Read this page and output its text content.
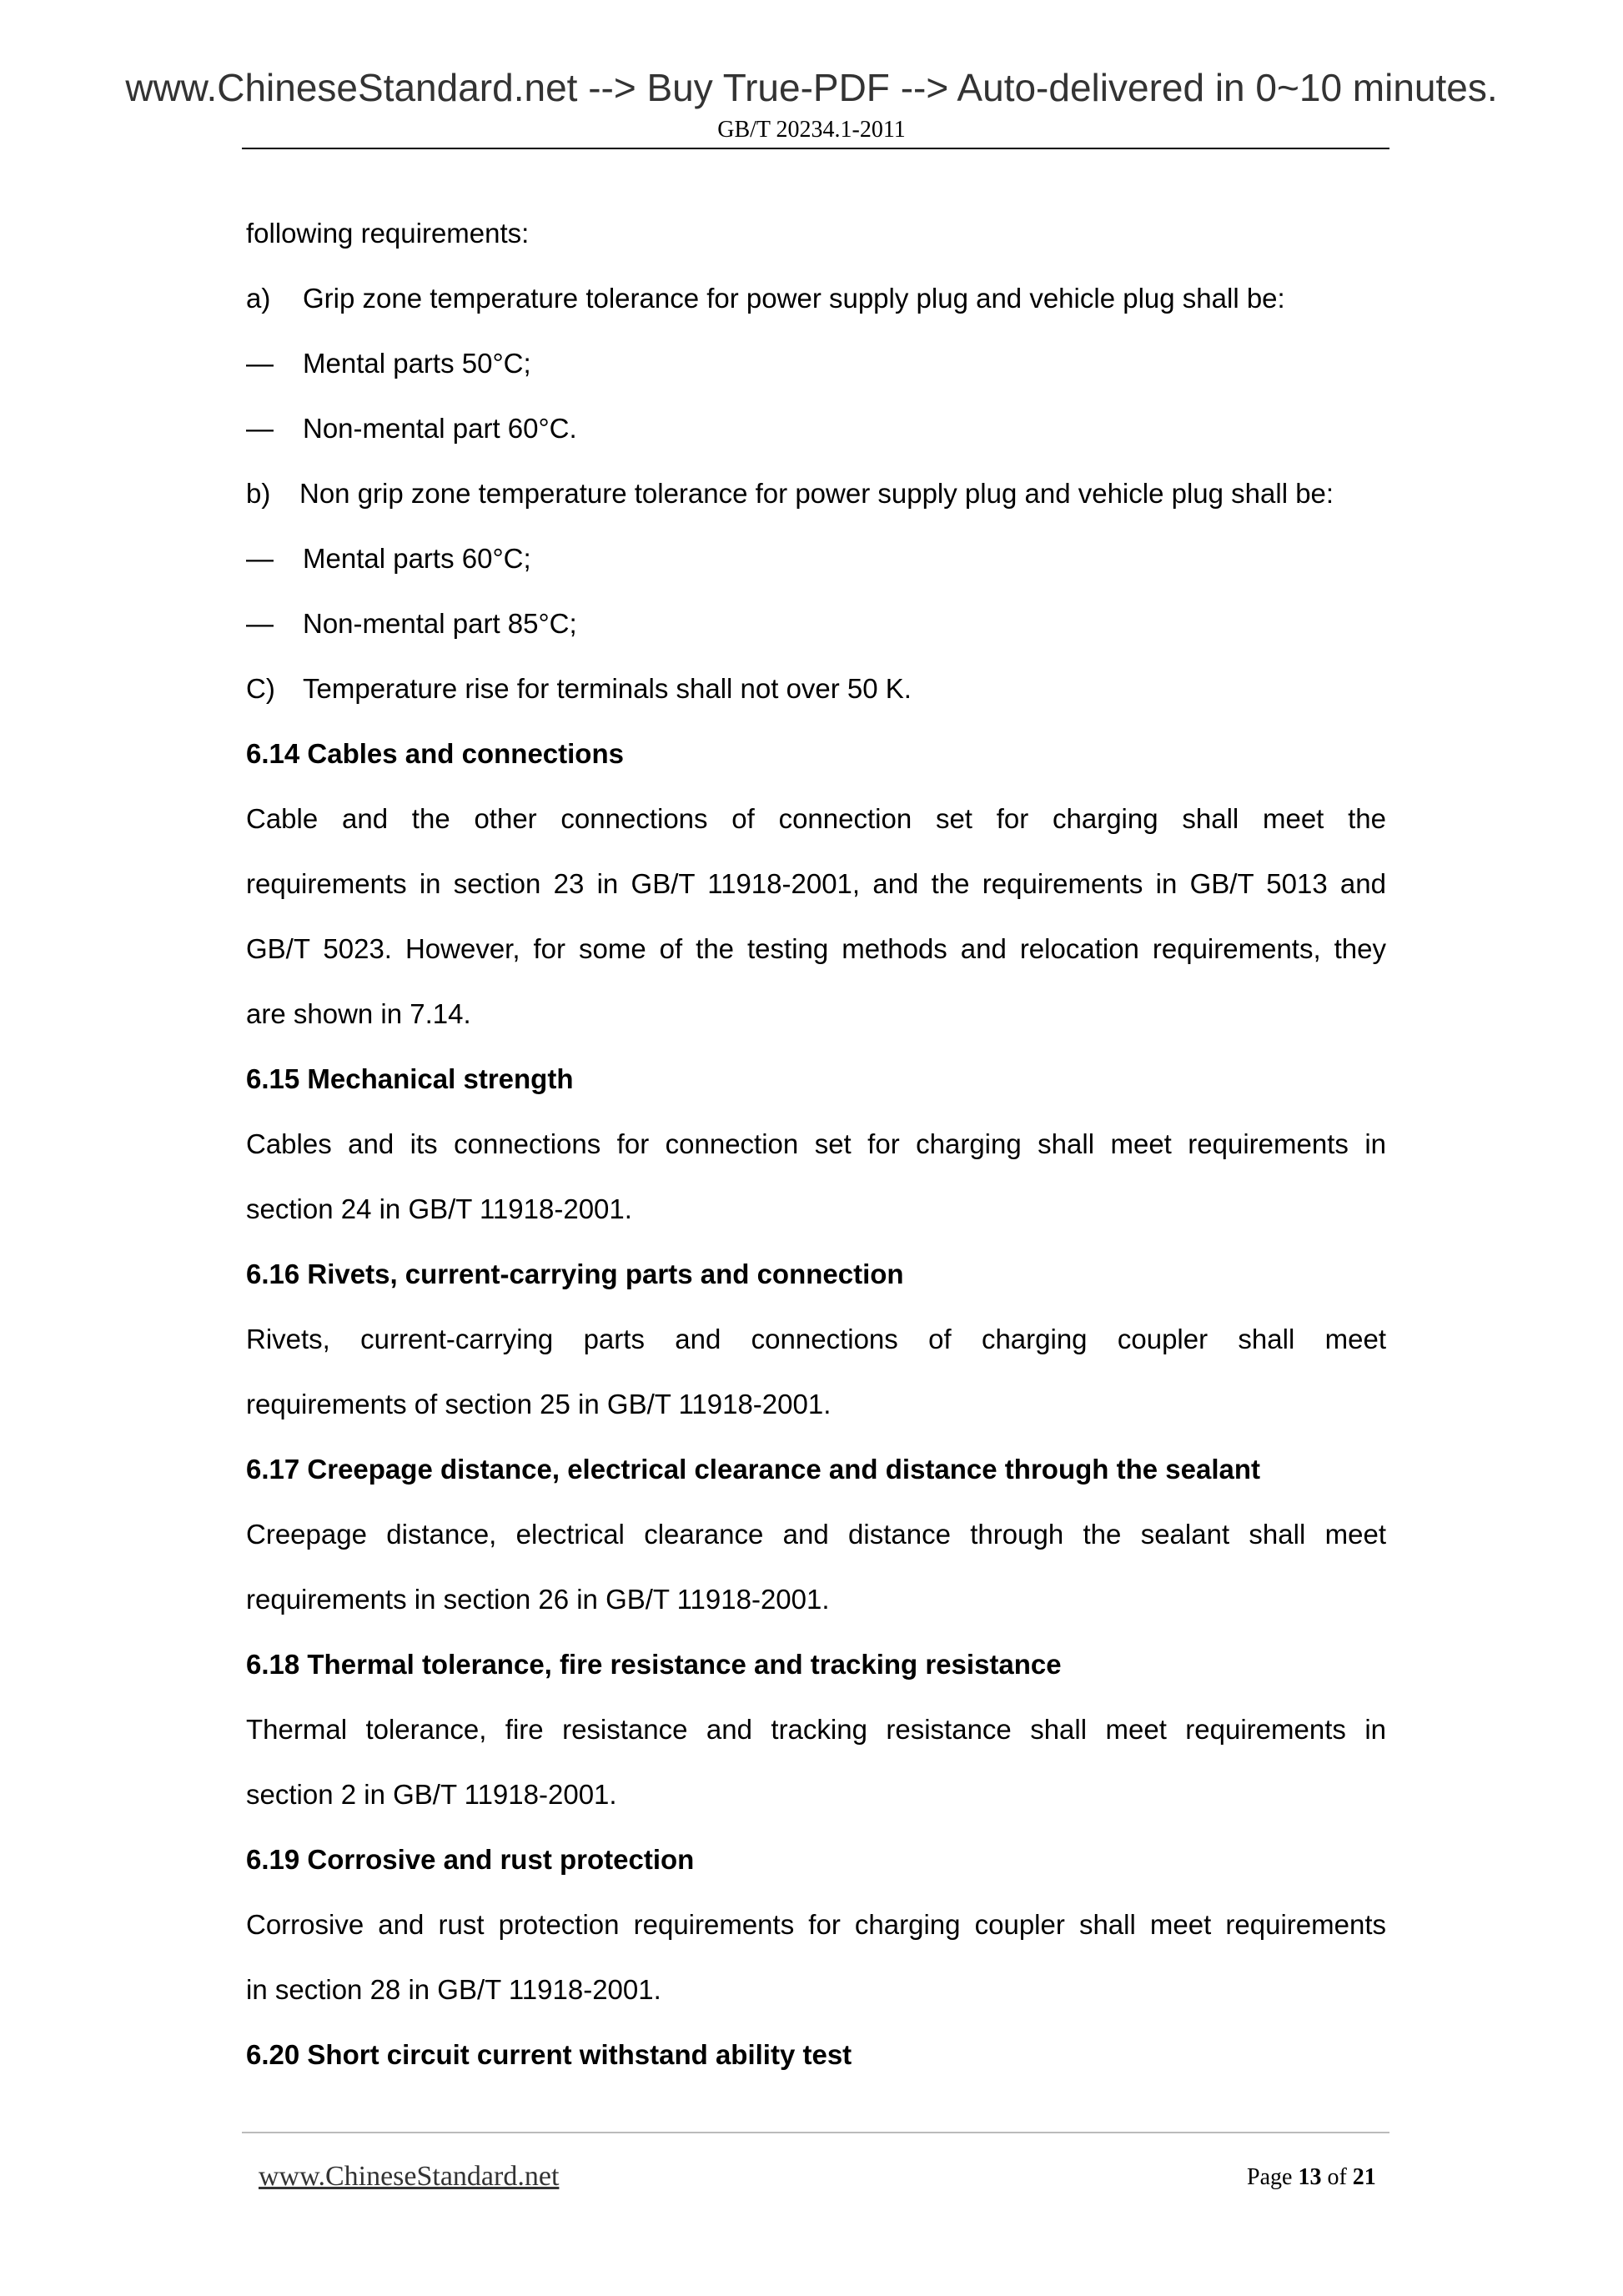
www.ChineseStandard.net --> Buy True-PDF --> Auto-delivered in 0~10 minutes.
GB/T 20234.1-2011
following requirements:
a) Grip zone temperature tolerance for power supply plug and vehicle plug shall be:
— Mental parts 50°C;
— Non-mental part 60°C.
b) Non grip zone temperature tolerance for power supply plug and vehicle plug shall be:
— Mental parts 60°C;
— Non-mental part 85°C;
C) Temperature rise for terminals shall not over 50 K.
6.14 Cables and connections
Cable and the other connections of connection set for charging shall meet the
requirements in section 23 in GB/T 11918-2001, and the requirements in GB/T 5013 and
GB/T 5023. However, for some of the testing methods and relocation requirements, they
are shown in 7.14.
6.15 Mechanical strength
Cables and its connections for connection set for charging shall meet requirements in
section 24 in GB/T 11918-2001.
6.16 Rivets, current-carrying parts and connection
Rivets, current-carrying parts and connections of charging coupler shall meet
requirements of section 25 in GB/T 11918-2001.
6.17 Creepage distance, electrical clearance and distance through the sealant
Creepage distance, electrical clearance and distance through the sealant shall meet
requirements in section 26 in GB/T 11918-2001.
6.18 Thermal tolerance, fire resistance and tracking resistance
Thermal tolerance, fire resistance and tracking resistance shall meet requirements in
section 2 in GB/T 11918-2001.
6.19 Corrosive and rust protection
Corrosive and rust protection requirements for charging coupler shall meet requirements
in section 28 in GB/T 11918-2001.
6.20 Short circuit current withstand ability test
www.ChineseStandard.net	Page 13 of 21
